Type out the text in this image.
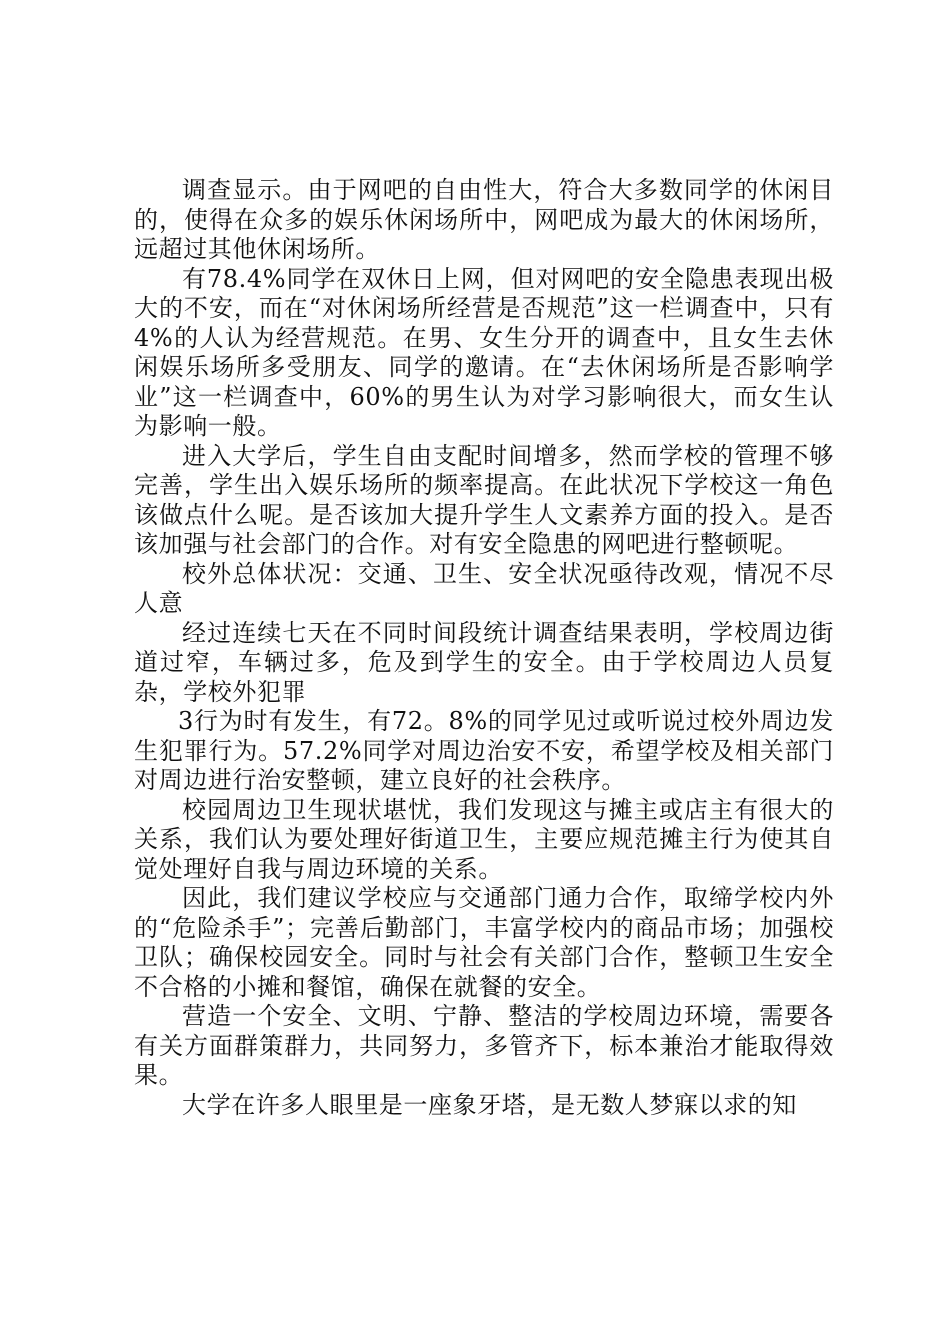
调查显示。由于网吧的自由性大，符合大多数同学的休闲目的，使得在众多的娱乐休闲场所中，网吧成为最大的休闲场所，远超过其他休闲场所。

有78.4%同学在双休日上网，但对网吧的安全隐患表现出极大的不安，而在“对休闲场所经营是否规范”这一栏调查中，只有4%的人认为经营规范。在男、女生分开的调查中，且女生去休闲娱乐场所多受朋友、同学的邀请。在“去休闲场所是否影响学业”这一栏调查中，60%的男生认为对学习影响很大，而女生认为影响一般。

进入大学后，学生自由支配时间增多，然而学校的管理不够完善，学生出入娱乐场所的频率提高。在此状况下学校这一角色该做点什么呢。是否该加大提升学生人文素养方面的投入。是否该加强与社会部门的合作。对有安全隐患的网吧进行整顿呢。

校外总体状况：交通、卫生、安全状况亟待改观，情况不尽人意

经过连续七天在不同时间段统计调查结果表明，学校周边街道过窄，车辆过多，危及到学生的安全。由于学校周边人员复杂，学校外犯罪

3行为时有发生，有72。8%的同学见过或听说过校外周边发生犯罪行为。57.2%同学对周边治安不安，希望学校及相关部门对周边进行治安整顿，建立良好的社会秩序。

校园周边卫生现状堪忧，我们发现这与摊主或店主有很大的关系，我们认为要处理好街道卫生，主要应规范摊主行为使其自觉处理好自我与周边环境的关系。

因此，我们建议学校应与交通部门通力合作，取缔学校内外的“危险杀手”；完善后勤部门，丰富学校内的商品市场；加强校卫队；确保校园安全。同时与社会有关部门合作，整顿卫生安全不合格的小摊和餐馆，确保在就餐的安全。

营造一个安全、文明、宁静、整洁的学校周边环境，需要各有关方面群策群力，共同努力，多管齐下，标本兼治才能取得效果。

大学在许多人眼里是一座象牙塔，是无数人梦寐以求的知
